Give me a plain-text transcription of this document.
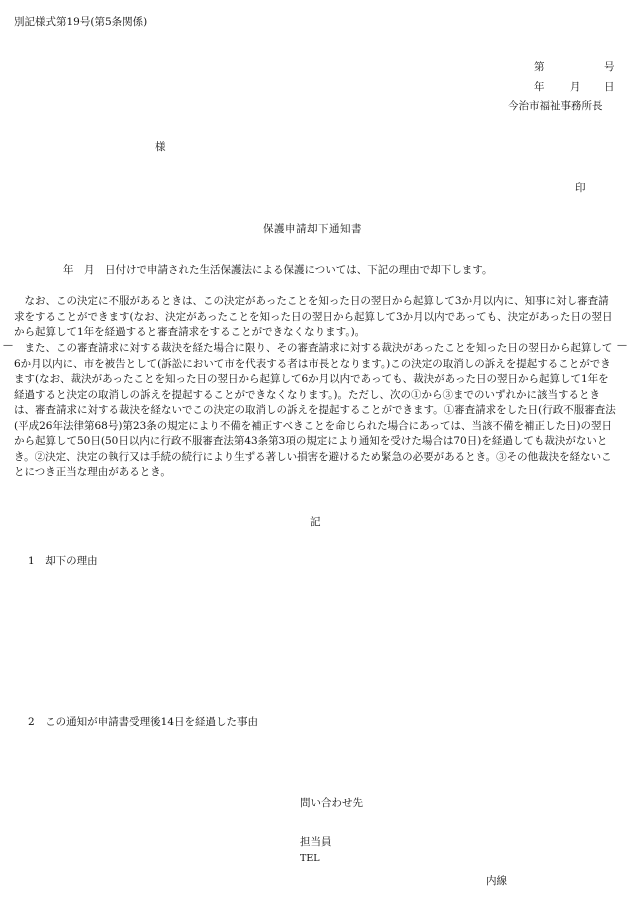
別記様式第19号(第5条関係)
第	号
年 月 日
今治市福祉事務所長
様
印
保護申請却下通知書
年　月　日付けで申請された生活保護法による保護については、下記の理由で却下します。
なお、この決定に不服があるときは、この決定があったことを知った日の翌日から起算して3か月以内に、知事に対し審査請求をすることができます(なお、決定があったことを知った日の翌日から起算して3か月以内であっても、決定があった日の翌日から起算して1年を経過すると審査請求をすることができなくなります。)。
—	—
また、この審査請求に対する裁決を経た場合に限り、その審査請求に対する裁決があったことを知った日の翌日から起算して6か月以内に、市を被告として(訴訟において市を代表する者は市長となります。)この決定の取消しの訴えを提起することができます(なお、裁決があったことを知った日の翌日から起算して6か月以内であっても、裁決があった日の翌日から起算して1年を経過すると決定の取消しの訴えを提起することができなくなります。)。ただし、次の①から③までのいずれかに該当するときは、審査請求に対する裁決を経ないでこの決定の取消しの訴えを提起することができます。①審査請求をした日(行政不服審査法(平成26年法律第68号)第23条の規定により不備を補正すべきことを命じられた場合にあっては、当該不備を補正した日)の翌日から起算して50日(50日以内に行政不服審査法第43条第3項の規定により通知を受けた場合は70日)を経過しても裁決がないとき。②決定、決定の執行又は手続の続行により生ずる著しい損害を避けるため緊急の必要があるとき。③その他裁決を経ないことにつき正当な理由があるとき。
記
1　 却下の理由
2　 この通知が申請書受理後14日を経過した事由
問い合わせ先
担当員
TEL
内線
